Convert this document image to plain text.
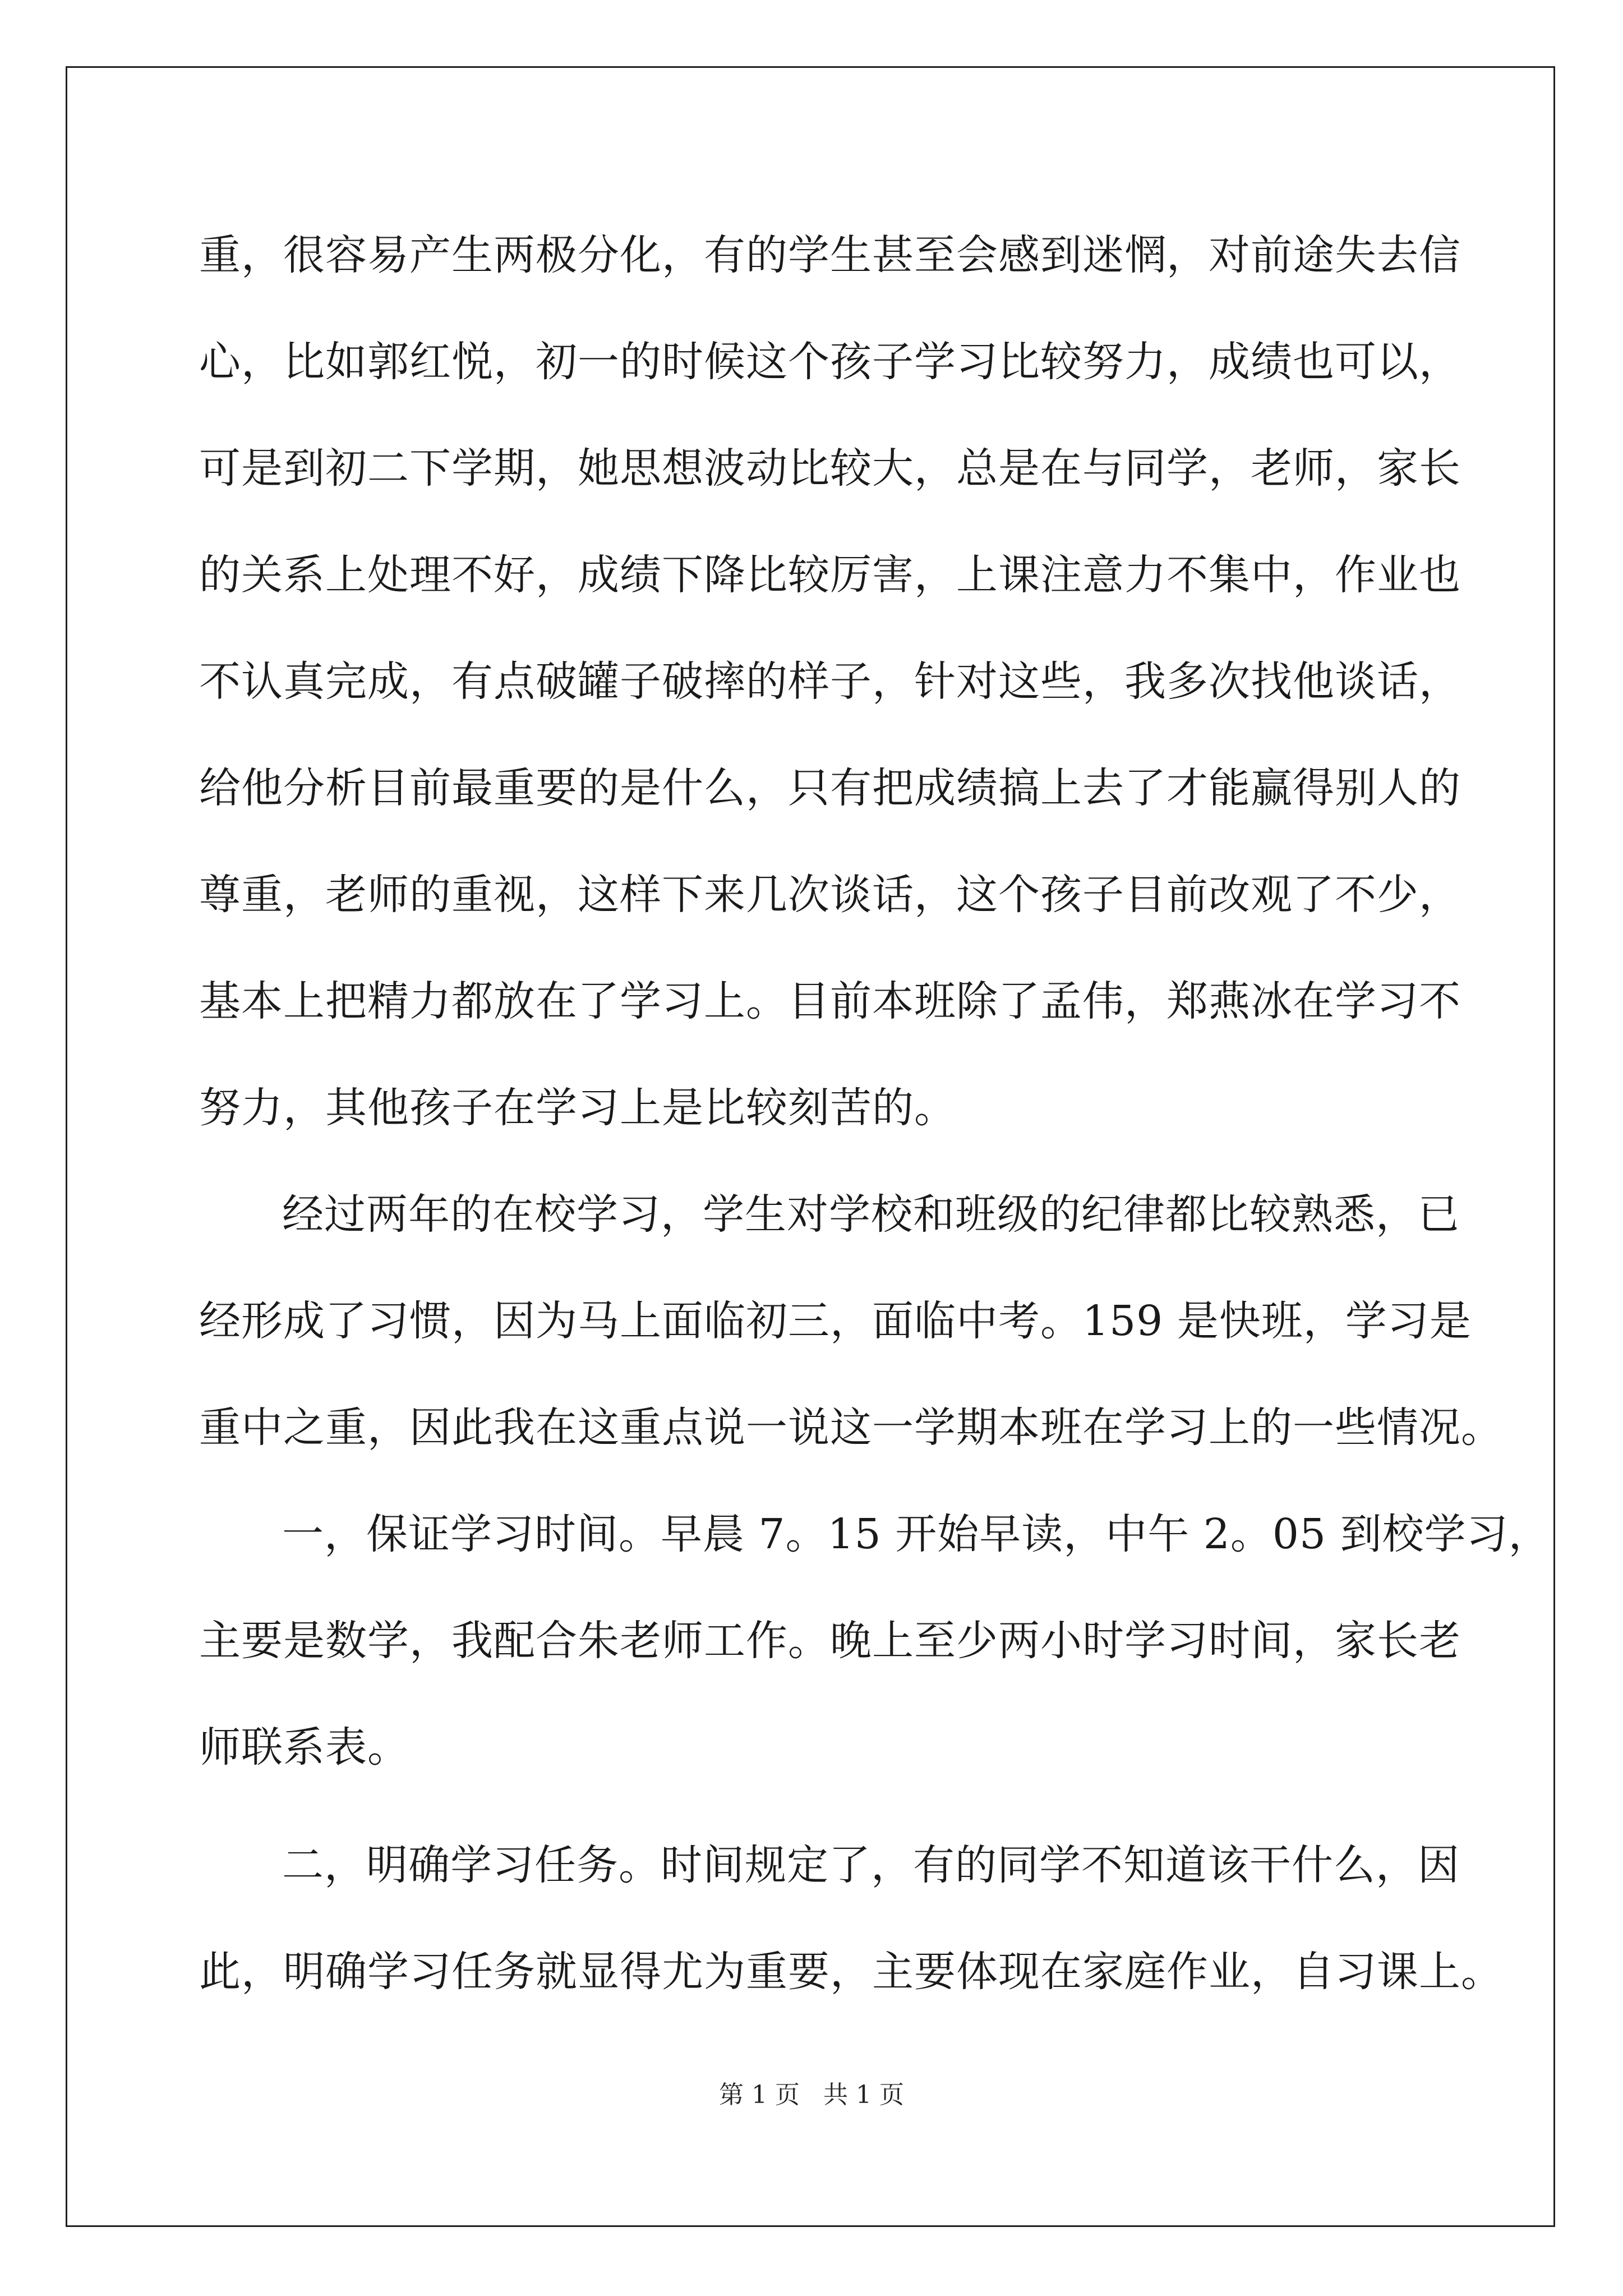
重，很容易产生两极分化，有的学生甚至会感到迷惘，对前途失去信
心，比如郭红悦，初一的时候这个孩子学习比较努力，成绩也可以，
可是到初二下学期，她思想波动比较大，总是在与同学，老师，家长
的关系上处理不好，成绩下降比较厉害，上课注意力不集中，作业也
不认真完成，有点破罐子破摔的样子，针对这些，我多次找他谈话，
给他分析目前最重要的是什么，只有把成绩搞上去了才能赢得别人的
尊重，老师的重视，这样下来几次谈话，这个孩子目前改观了不少，
基本上把精力都放在了学习上。目前本班除了孟伟，郑燕冰在学习不
努力，其他孩子在学习上是比较刻苦的。
经过两年的在校学习，学生对学校和班级的纪律都比较熟悉，已
经形成了习惯，因为马上面临初三，面临中考。159 是快班，学习是
重中之重，因此我在这重点说一说这一学期本班在学习上的一些情况。
一，保证学习时间。早晨 7。15 开始早读，中午 2。05 到校学习，
主要是数学，我配合朱老师工作。晚上至少两小时学习时间，家长老
师联系表。
二，明确学习任务。时间规定了，有的同学不知道该干什么，因
此，明确学习任务就显得尤为重要，主要体现在家庭作业，自习课上。
第 1 页   共 1 页
